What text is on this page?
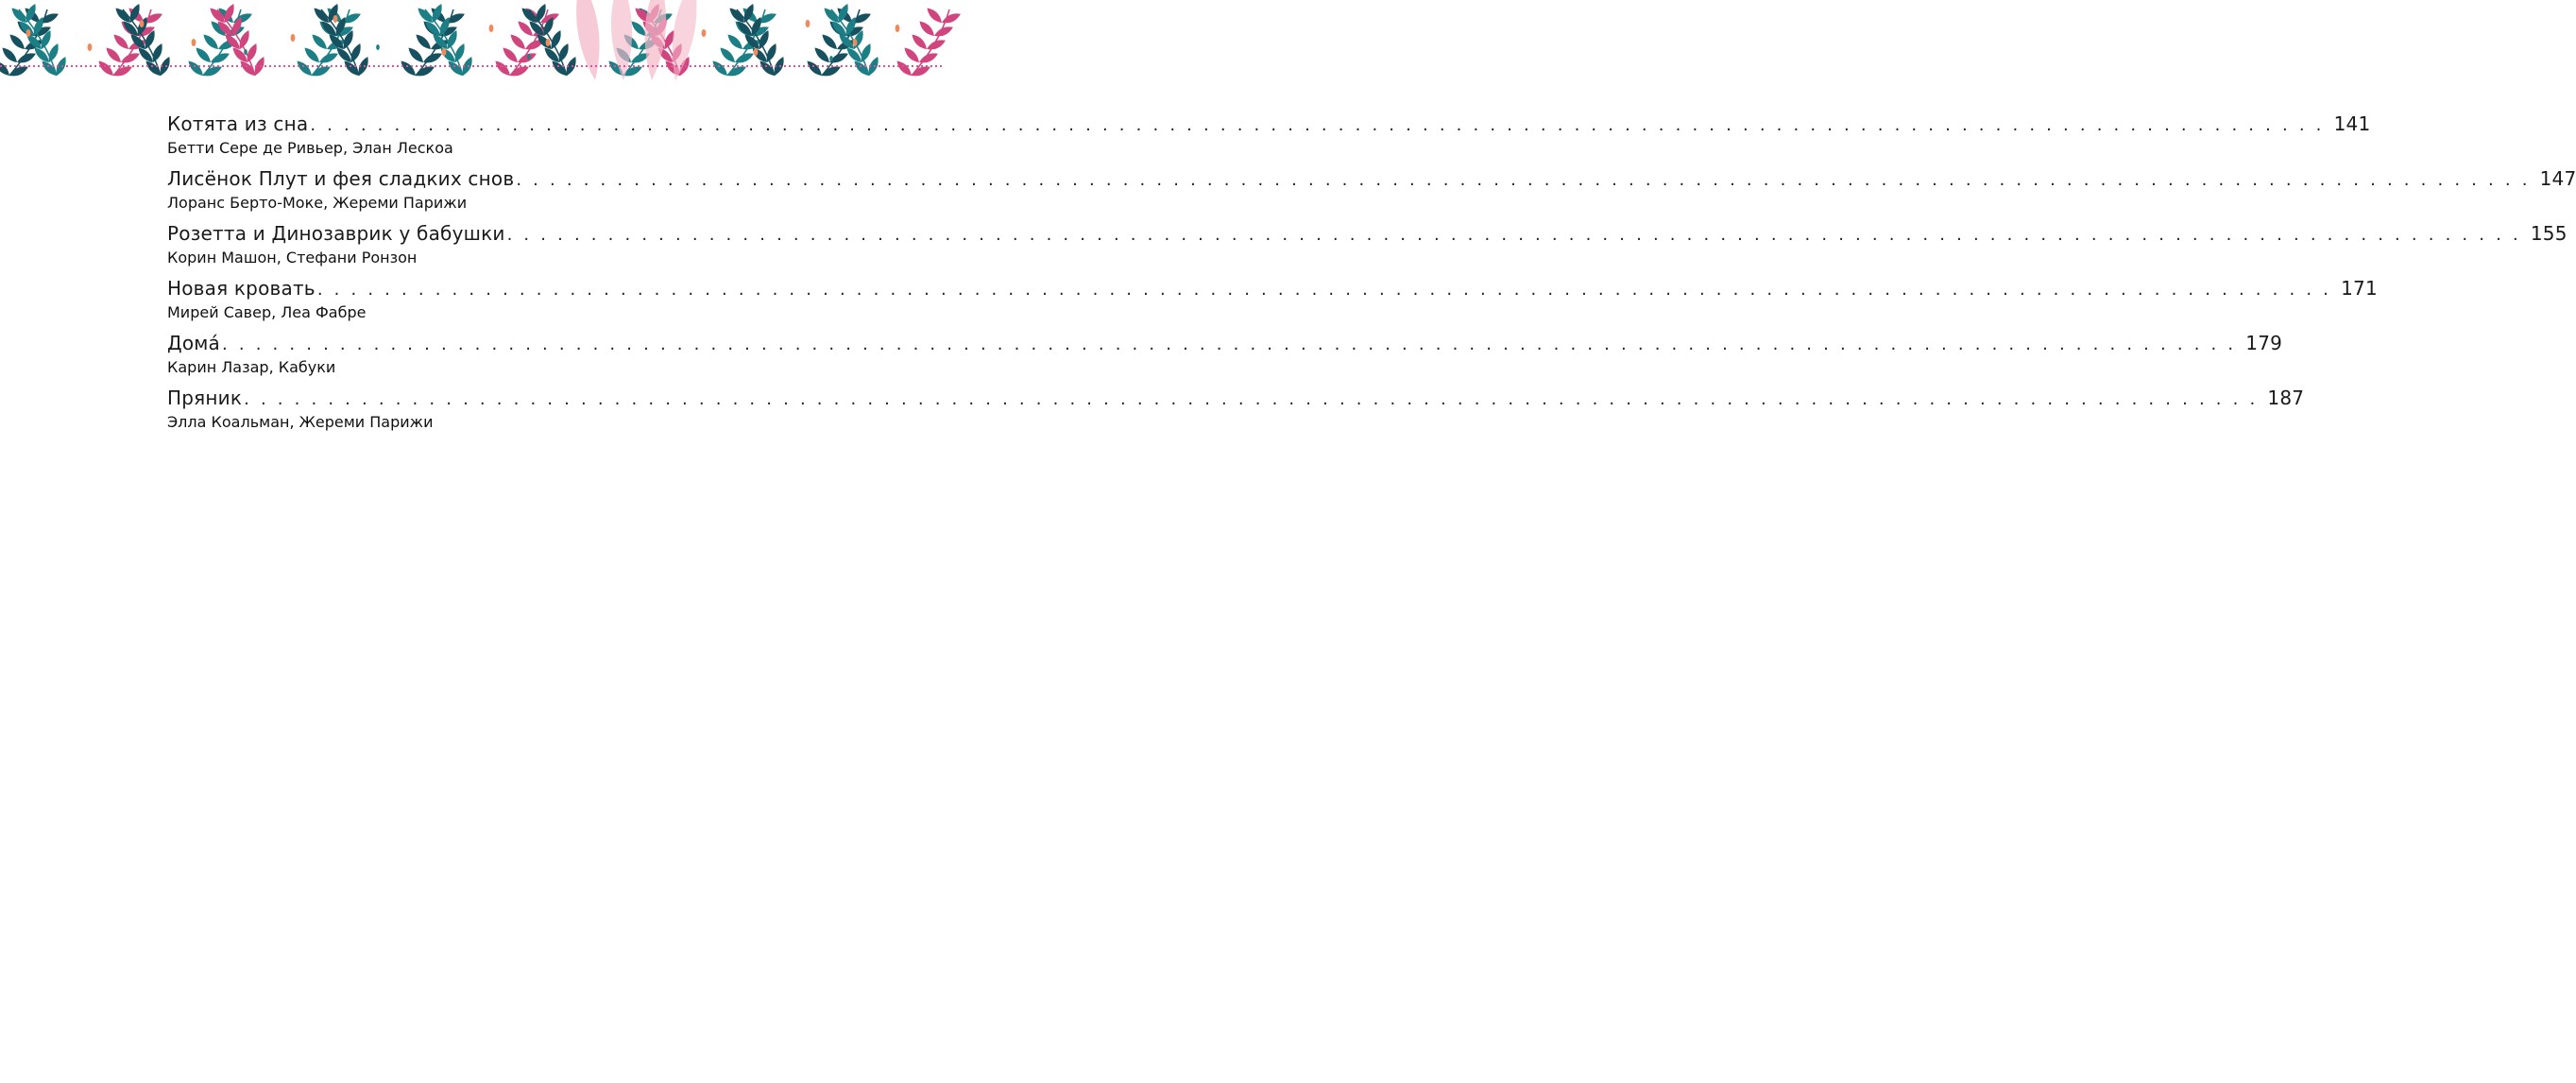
Котята из сна . . . . . . . . . . . . . . . . . . . . . . . . . . . . . . . . . . . . . . . . . . . . . . . . . . . . . . . . . . . . . . . . . . . . . . . . . . . . . . . . . . . . . . . . . . . . . . . . . . . . . . . . . . . . . . . . . . . . . . . . 141
Бетти Сере де Ривьер, Элан Лескоа
Лисёнок Плут и фея сладких снов . . . . . . . . . . . . . . . . . . . . . . . . . . . . . . . . . . . . . . . . . . . . . . . . . . . . . . . . . . . . . . . . . . . . . . . . . . . . . . . . . . . . . . . . . . . . . . . . . . . . . . . . . . . . . . . . . . . . . . . . 147
Лоранс Берто-Моке, Жереми Парижи
Розетта и Динозаврик у бабушки . . . . . . . . . . . . . . . . . . . . . . . . . . . . . . . . . . . . . . . . . . . . . . . . . . . . . . . . . . . . . . . . . . . . . . . . . . . . . . . . . . . . . . . . . . . . . . . . . . . . . . . . . . . . . . . . . . . . . . . . 155
Корин Машон, Стефани Ронзон
Новая кровать . . . . . . . . . . . . . . . . . . . . . . . . . . . . . . . . . . . . . . . . . . . . . . . . . . . . . . . . . . . . . . . . . . . . . . . . . . . . . . . . . . . . . . . . . . . . . . . . . . . . . . . . . . . . . . . . . . . . . . . . 171
Мирей Савер, Леа Фабре
Дома́ . . . . . . . . . . . . . . . . . . . . . . . . . . . . . . . . . . . . . . . . . . . . . . . . . . . . . . . . . . . . . . . . . . . . . . . . . . . . . . . . . . . . . . . . . . . . . . . . . . . . . . . . . . . . . . . . . . . . . . . . 179
Карин Лазар, Кабуки
Пряник . . . . . . . . . . . . . . . . . . . . . . . . . . . . . . . . . . . . . . . . . . . . . . . . . . . . . . . . . . . . . . . . . . . . . . . . . . . . . . . . . . . . . . . . . . . . . . . . . . . . . . . . . . . . . . . . . . . . . . . . 187
Элла Коальман, Жереми Парижи
